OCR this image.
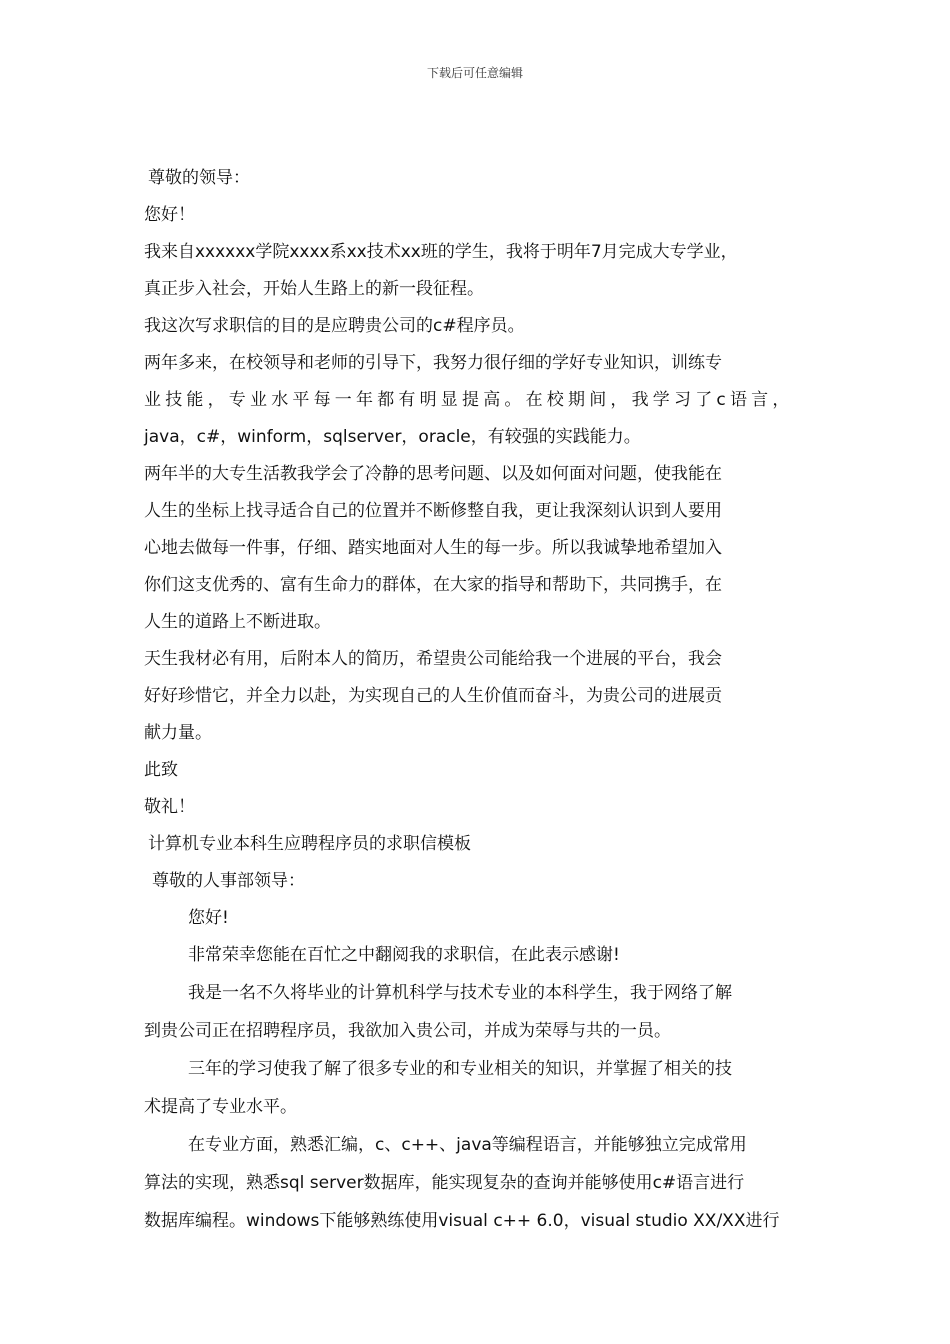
下载后可任意编辑
尊敬的领导：
您好！
我来自xxxxxx学院xxxx系xx技术xx班的学生，我将于明年7月完成大专学业，
真正步入社会，开始人生路上的新一段征程。
我这次写求职信的目的是应聘贵公司的c#程序员。
两年多来，在校领导和老师的引导下，我努力很仔细的学好专业知识，训练专
业技能，专业水平每一年都有明显提高。在校期间，我学习了c语言，
java，c#，winform，sqlserver，oracle，有较强的实践能力。
两年半的大专生活教我学会了冷静的思考问题、以及如何面对问题，使我能在
人生的坐标上找寻适合自己的位置并不断修整自我，更让我深刻认识到人要用
心地去做每一件事，仔细、踏实地面对人生的每一步。所以我诚挚地希望加入
你们这支优秀的、富有生命力的群体，在大家的指导和帮助下，共同携手，在
人生的道路上不断进取。
天生我材必有用，后附本人的简历，希望贵公司能给我一个进展的平台，我会
好好珍惜它，并全力以赴，为实现自己的人生价值而奋斗，为贵公司的进展贡
献力量。
此致
敬礼！
计算机专业本科生应聘程序员的求职信模板
尊敬的人事部领导：
您好!
非常荣幸您能在百忙之中翻阅我的求职信，在此表示感谢!
我是一名不久将毕业的计算机科学与技术专业的本科学生，我于网络了解
到贵公司正在招聘程序员，我欲加入贵公司，并成为荣辱与共的一员。
三年的学习使我了解了很多专业的和专业相关的知识，并掌握了相关的技
术提高了专业水平。
在专业方面，熟悉汇编，c、c++、java等编程语言，并能够独立完成常用
算法的实现，熟悉sql server数据库，能实现复杂的查询并能够使用c#语言进行
数据库编程。windows下能够熟练使用visual c++ 6.0，visual studio XX/XX进行
